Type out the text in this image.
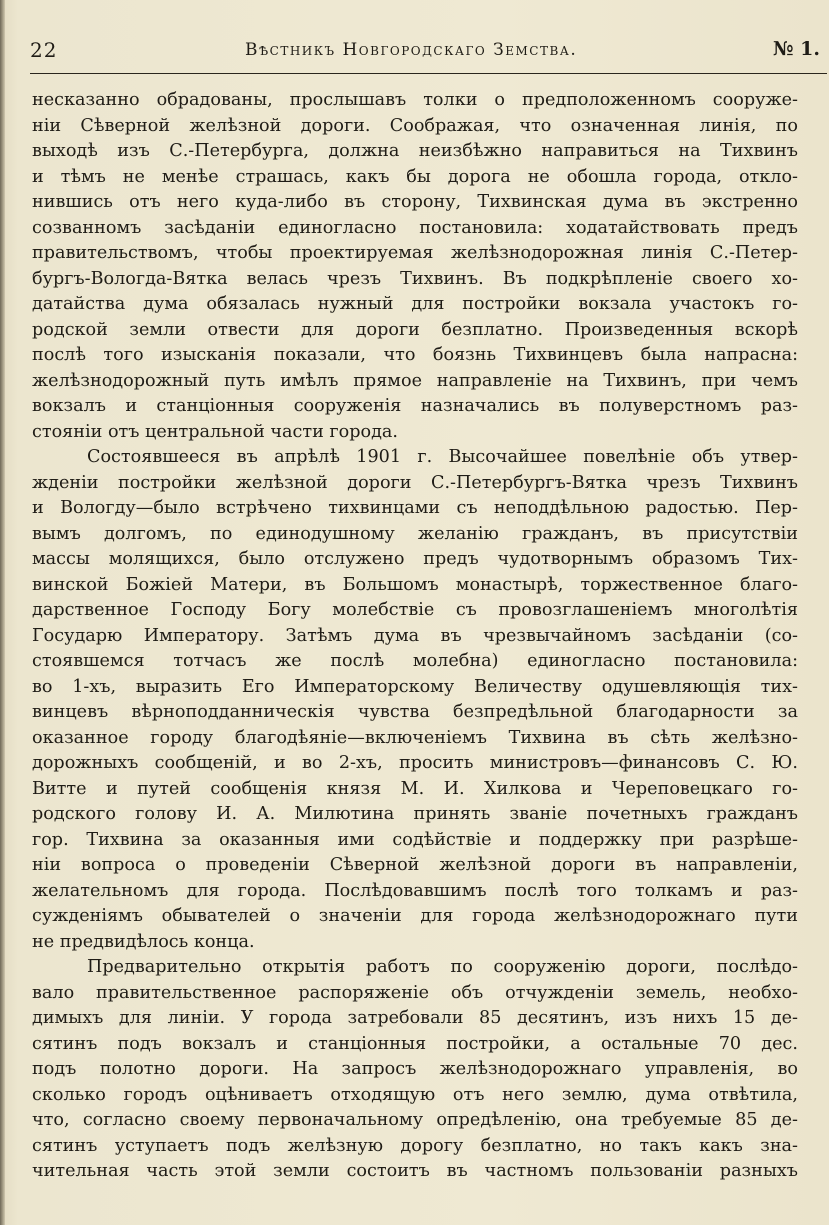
22	Вѣстникъ Новгородскаго Земства.	№ 1.
несказанно обрадованы, прослышавъ толки о предположенномъ сооруже-
ніи Сѣверной желѣзной дороги. Соображая, что означенная линія, по
выходѣ изъ С.-Петербурга, должна неизбѣжно направиться на Тихвинъ
и тѣмъ не менѣе страшась, какъ бы дорога не обошла города, откло-
нившись отъ него куда-либо въ сторону, Тихвинская дума въ экстренно
созванномъ засѣданіи единогласно постановила: ходатайствовать предъ
правительствомъ, чтобы проектируемая желѣзнодорожная линія С.-Петер-
бургъ-Вологда-Вятка велась чрезъ Тихвинъ. Въ подкрѣпленіе своего хо-
датайства дума обязалась нужный для постройки вокзала участокъ го-
родской земли отвести для дороги безплатно. Произведенныя вскорѣ
послѣ того изысканія показали, что боязнь Тихвинцевъ была напрасна:
желѣзнодорожный путь имѣлъ прямое направленіе на Тихвинъ, при чемъ
вокзалъ и станціонныя сооруженія назначались въ полуверстномъ раз-
стояніи отъ центральной части города.
Состоявшееся въ апрѣлѣ 1901 г. Высочайшее повелѣніе объ утвер-
жденіи постройки желѣзной дороги С.-Петербургъ-Вятка чрезъ Тихвинъ
и Вологду—было встрѣчено тихвинцами съ неподдѣльною радостью. Пер-
вымъ долгомъ, по единодушному желанію гражданъ, въ присутствіи
массы молящихся, было отслужено предъ чудотворнымъ образомъ Тих-
винской Божіей Матери, въ Большомъ монастырѣ, торжественное благо-
дарственное Господу Богу молебствіе съ провозглашеніемъ многолѣтія
Государю Императору. Затѣмъ дума въ чрезвычайномъ засѣданіи (со-
стоявшемся тотчасъ же послѣ молебна) единогласно постановила:
во 1-хъ, выразить Его Императорскому Величеству одушевляющія тих-
винцевъ вѣрноподданническія чувства безпредѣльной благодарности за
оказанное городу благодѣяніе—включеніемъ Тихвина въ сѣть желѣзно-
дорожныхъ сообщеній, и во 2-хъ, просить министровъ—финансовъ С. Ю.
Витте и путей сообщенія князя М. И. Хилкова и Череповецкаго го-
родского голову И. А. Милютина принять званіе почетныхъ гражданъ
гор. Тихвина за оказанныя ими содѣйствіе и поддержку при разрѣше-
ніи вопроса о проведеніи Сѣверной желѣзной дороги въ направленіи,
желательномъ для города. Послѣдовавшимъ послѣ того толкамъ и раз-
сужденіямъ обывателей о значеніи для города желѣзнодорожнаго пути
не предвидѣлось конца.
Предварительно открытія работъ по сооруженію дороги, послѣдо-
вало правительственное распоряженіе объ отчужденіи земель, необхо-
димыхъ для линіи. У города затребовали 85 десятинъ, изъ нихъ 15 де-
сятинъ подъ вокзалъ и станціонныя постройки, а остальные 70 дес.
подъ полотно дороги. На запросъ желѣзнодорожнаго управленія, во
сколько городъ оцѣниваетъ отходящую отъ него землю, дума отвѣтила,
что, согласно своему первоначальному опредѣленію, она требуемые 85 де-
сятинъ уступаетъ подъ желѣзную дорогу безплатно, но такъ какъ зна-
чительная часть этой земли состоитъ въ частномъ пользованіи разныхъ
